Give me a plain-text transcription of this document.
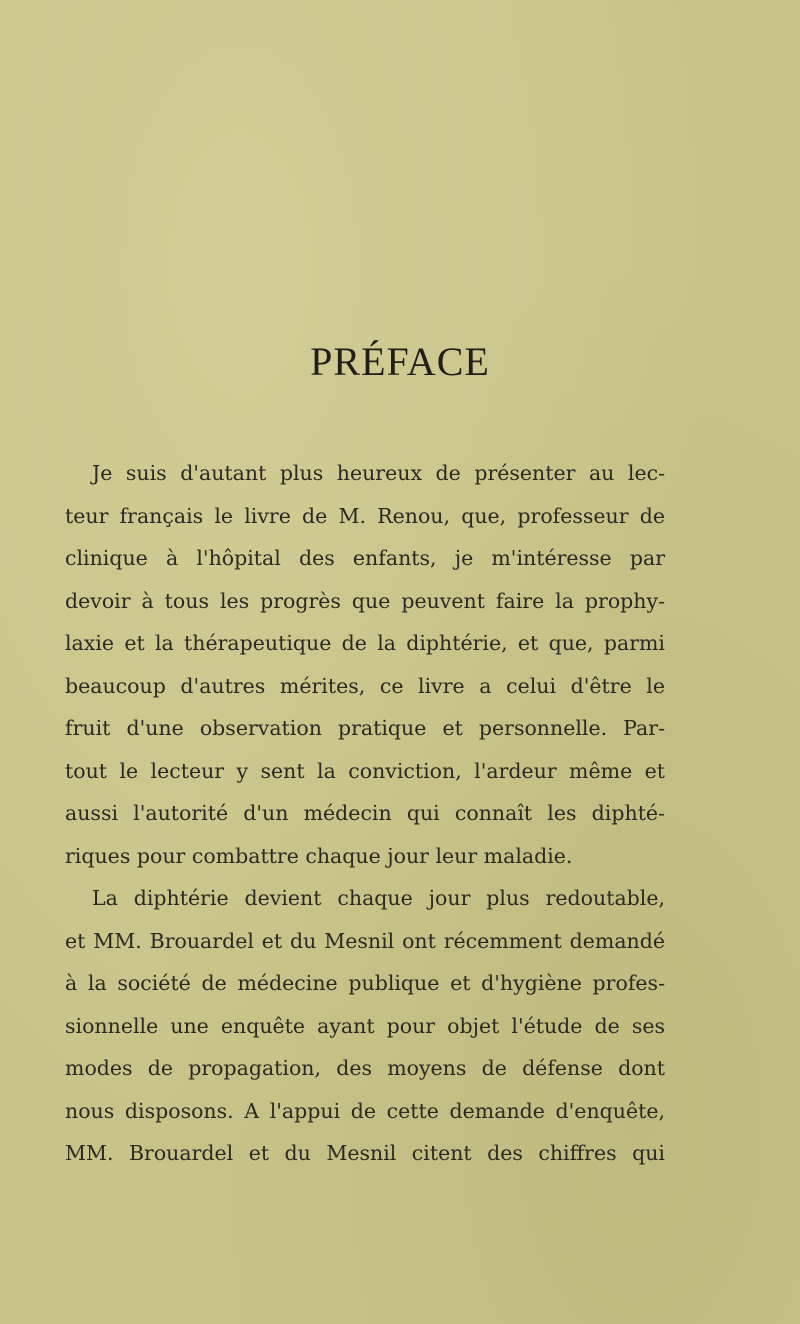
PRÉFACE
Je suis d'autant plus heureux de présenter au lec-
teur français le livre de M. Renou, que, professeur de
clinique à l'hôpital des enfants, je m'intéresse par
devoir à tous les progrès que peuvent faire la prophy-
laxie et la thérapeutique de la diphtérie, et que, parmi
beaucoup d'autres mérites, ce livre a celui d'être le
fruit d'une observation pratique et personnelle. Par-
tout le lecteur y sent la conviction, l'ardeur même et
aussi l'autorité d'un médecin qui connaît les diphté-
riques pour combattre chaque jour leur maladie.
La diphtérie devient chaque jour plus redoutable,
et MM. Brouardel et du Mesnil ont récemment demandé
à la société de médecine publique et d'hygiène profes-
sionnelle une enquête ayant pour objet l'étude de ses
modes de propagation, des moyens de défense dont
nous disposons. A l'appui de cette demande d'enquête,
MM. Brouardel et du Mesnil citent des chiffres qui
